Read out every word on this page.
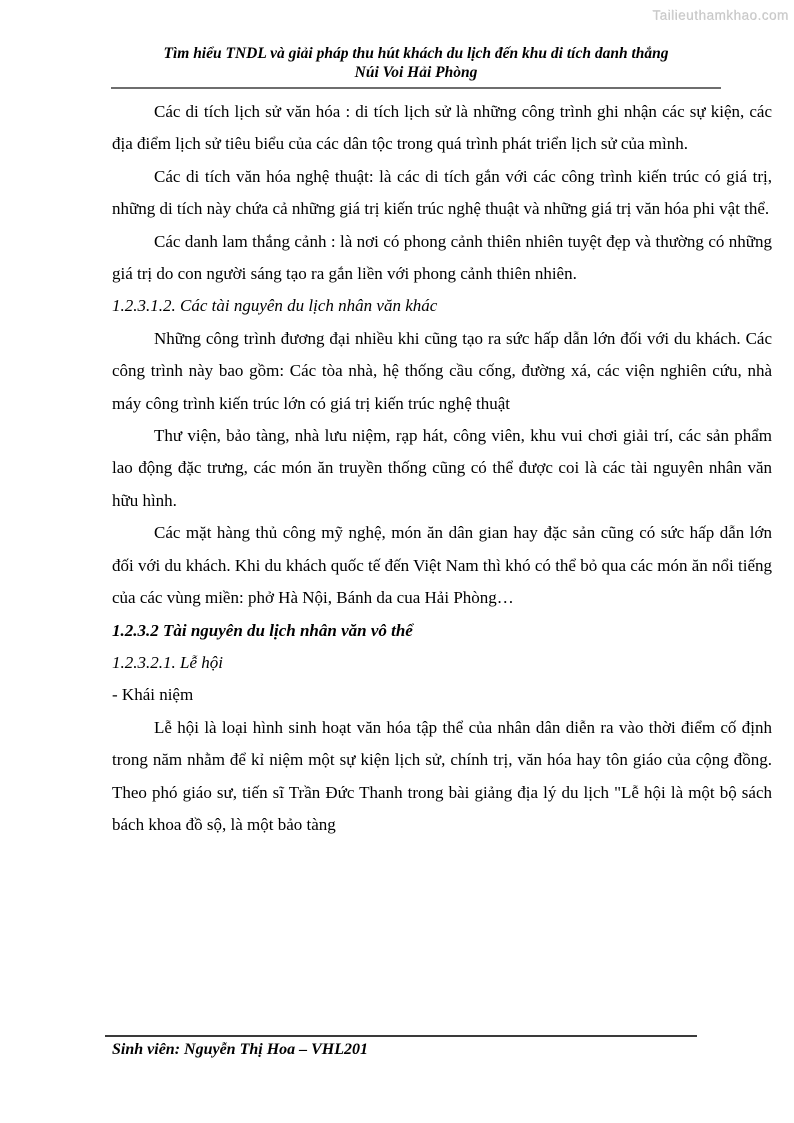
Tailieuthamkhao.com
Tìm hiểu TNDL và giải pháp thu hút khách du lịch đến khu di tích danh thắng
Núi Voi Hải Phòng

Các di tích lịch sử văn hóa : di tích lịch sử là những công trình ghi nhận các sự kiện, các địa điểm lịch sử tiêu biểu của các dân tộc trong quá trình phát triển lịch sử của mình.

Các di tích văn hóa nghệ thuật: là các di tích gắn với các công trình kiến trúc có giá trị, những di tích này chứa cả những giá trị kiến trúc nghệ thuật và những giá trị văn hóa phi vật thể.

Các danh lam thắng cảnh : là nơi có phong cảnh thiên nhiên tuyệt đẹp và thường có những giá trị do con người sáng tạo ra gắn liền với phong cảnh thiên nhiên.

1.2.3.1.2. Các tài nguyên du lịch nhân văn khác

Những công trình đương đại nhiều khi cũng tạo ra sức hấp dẫn lớn đối với du khách. Các công trình này bao gồm: Các tòa nhà, hệ thống cầu cống, đường xá, các viện nghiên cứu, nhà máy công trình kiến trúc lớn có giá trị kiến trúc nghệ thuật

Thư viện, bảo tàng, nhà lưu niệm, rạp hát, công viên, khu vui chơi giải trí, các sản phẩm lao động đặc trưng, các món ăn truyền thống cũng có thể được coi là các tài nguyên nhân văn hữu hình.

Các mặt hàng thủ công mỹ nghệ, món ăn dân gian hay đặc sản cũng có sức hấp dẫn lớn đối với du khách. Khi du khách quốc tế đến Việt Nam thì khó có thể bỏ qua các món ăn nổi tiếng của các vùng miền: phở Hà Nội, Bánh da cua Hải Phòng…

1.2.3.2 Tài nguyên du lịch nhân văn vô thể

1.2.3.2.1. Lễ hội

- Khái niệm

Lễ hội là loại hình sinh hoạt văn hóa tập thể của nhân dân diễn ra vào thời điểm cố định trong năm nhằm để kỉ niệm một sự kiện lịch sử, chính trị, văn hóa hay tôn giáo của cộng đồng. Theo phó giáo sư, tiến sĩ Trần Đức Thanh trong bài giảng địa lý du lịch "Lễ hội là một bộ sách bách khoa đồ sộ, là một bảo tàng

Sinh viên: Nguyễn Thị Hoa – VHL201
